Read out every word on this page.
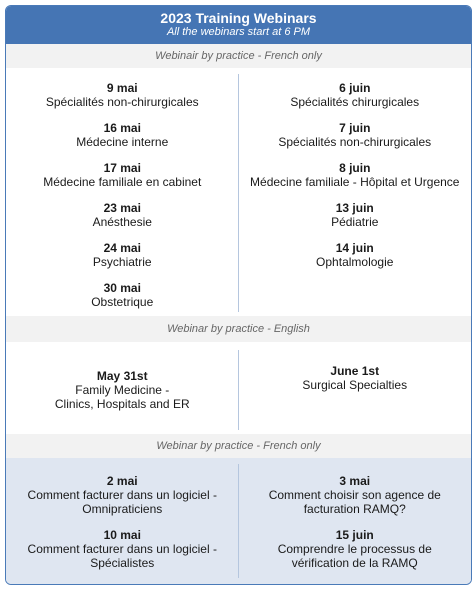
2023 Training Webinars
All the webinars start at 6 PM
Webinair by practice - French only
9 mai
Spécialités non-chirurgicales
16 mai
Médecine interne
17 mai
Médecine familiale en cabinet
23 mai
Anésthesie
24 mai
Psychiatrie
30 mai
Obstetrique
6 juin
Spécialités chirurgicales
7 juin
Spécialités non-chirurgicales
8 juin
Médecine familiale - Hôpital et Urgence
13 juin
Pédiatrie
14 juin
Ophtalmologie
Webinar by practice - English
May 31st
Family Medicine -
Clinics, Hospitals and ER
June 1st
Surgical Specialties
Webinar by practice - French only
2 mai
Comment facturer dans un logiciel -
Omnipraticiens
10 mai
Comment facturer dans un logiciel -
Spécialistes
3 mai
Comment choisir son agence de
facturation RAMQ?
15 juin
Comprendre le processus de
vérification de la RAMQ
